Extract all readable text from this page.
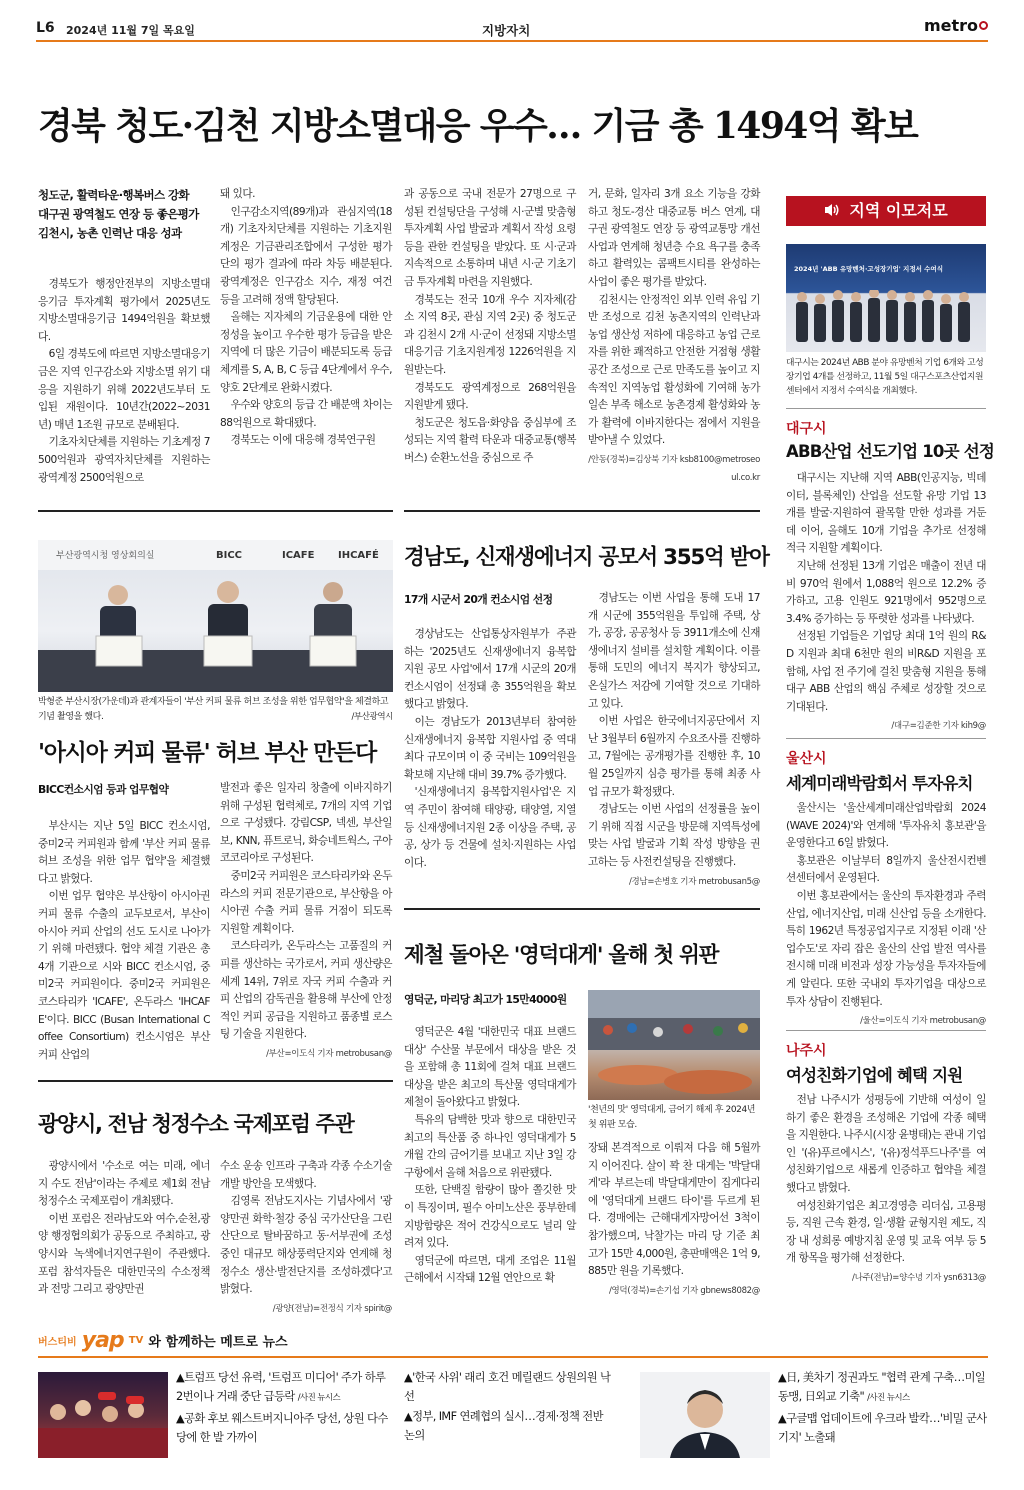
L6 2024년 11월 7일 목요일	지방자치	metro
경북 청도·김천 지방소멸대응 우수… 기금 총 1494억 확보
청도군, 활력타운·행복버스 강화
대구권 광역철도 연장 등 좋은평가
김천시, 농촌 인력난 대응 성과

경북도가 행정안전부의 지방소멸대응기금 투자계획 평가에서 2025년도 지방소멸대응기금 1494억원을 확보했다.

6일 경북도에 따르면 지방소멸대응기금은 지역 인구감소와 지방소멸 위기 대응을 지원하기 위해 2022년도부터 도입된 재원이다. 10년간(2022~2031년) 매년 1조원 규모로 분배된다.

기초자치단체를 지원하는 기초계정 7500억원과 광역자치단체를 지원하는 광역계정 2500억원으로

돼 있다.

인구감소지역(89개)과 관심지역(18개) 기초자치단체를 지원하는 기초지원 계정은 기금관리조합에서 구성한 평가단의 평가 결과에 따라 차등 배분된다. 광역계정은 인구감소 지수, 재정 여건 등을 고려해 정액 할당된다.

올해는 지자체의 기금운용에 대한 안정성을 높이고 우수한 평가 등급을 받은 지역에 더 많은 기금이 배분되도록 등급 체계를 S, A, B, C 등급 4단계에서 우수, 양호 2단계로 완화시켰다.

우수와 양호의 등급 간 배분액 차이는 88억원으로 확대됐다.

경북도는 이에 대응해 경북연구원

과 공동으로 국내 전문가 27명으로 구성된 컨설팅단을 구성해 시·군별 맞춤형 투자계획 사업 발굴과 계획서 작성 요령 등을 관한 컨설팅을 받았다. 또 시·군과 지속적으로 소통하며 내년 시·군 기초기금 투자계획 마련을 지원했다.

경북도는 전국 10개 우수 지자체(감소 지역 8곳, 관심 지역 2곳) 중 청도군과 김천시 2개 시·군이 선정돼 지방소멸대응기금 기초지원계정 1226억원을 지원받는다.

경북도도 광역계정으로 268억원을 지원받게 됐다.

청도군은 청도읍·화양읍 중심부에 조성되는 지역 활력 타운과 대중교통(행복 버스) 순환노선을 중심으로 주

거, 문화, 일자리 3개 요소 기능을 강화하고 청도-경산 대중교통 버스 연계, 대구권 광역철도 연장 등 광역교통망 개선 사업과 연계해 청년층 수요 욕구를 충족하고 활력있는 콤팩트시티를 완성하는 사업이 좋은 평가를 받았다.

김천시는 안정적인 외부 인력 유입 기반 조성으로 김천 농촌지역의 인력난과 농업 생산성 저하에 대응하고 농업 근로자를 위한 쾌적하고 안전한 거점형 생활공간 조성으로 근로 만족도를 높이고 지속적인 지역농업 활성화에 기여해 농가 일손 부족 해소로 농촌경제 활성화와 농가 활력에 이바지한다는 점에서 지원을 받아낼 수 있었다.

/안동(경북)=김상북 기자 ksb8100@metroseoul.co.kr
부산광역시청 영상회의실	BICC	ICAFE IHCAFÉ
박형준 부산시장(가운데)과 관계자들이 '부산 커피 물류 허브 조성을 위한 업무협약'을 체결하고 기념 촬영을 했다.	/부산광역시
'아시아 커피 물류' 허브 부산 만든다
BICC컨소시엄 등과 업무협약

부산시는 지난 5일 BICC 컨소시엄, 중미2국 커피원과 함께 '부산 커피 물류 허브 조성을 위한 업무 협약'을 체결했다고 밝혔다.

이번 업무 협약은 부산항이 아시아권 커피 물류 수출의 교두보로서, 부산이 아시아 커피 산업의 선도 도시로 나아가기 위해 마련됐다. 협약 체결 기관은 총 4개 기관으로 시와 BICC 컨소시엄, 중미2국 커피원이다. 중미2국 커피원은 코스타리카 'ICAFE', 온두라스 'IHCAFE'이다. BICC (Busan International Coffee Consortium) 컨소시엄은 부산 커피 산업의

발전과 좋은 일자리 창출에 이바지하기 위해 구성된 협력체로, 7개의 지역 기업으로 구성됐다. 강림CSP, 넥센, 부산일보, KNN, 퓨트로닉, 화승네트웍스, 구아코코리아로 구성된다.

중미2국 커피원은 코스타리카와 온두라스의 커피 전문기관으로, 부산항을 아시아권 수출 커피 물류 거점이 되도록 지원할 계획이다.

코스타리카, 온두라스는 고품질의 커피를 생산하는 국가로서, 커피 생산량은 세계 14위, 7위로 자국 커피 수출과 커피 산업의 감독권을 활용해 부산에 안정적인 커피 공급을 지원하고 품종별 로스팅 기술을 지원한다.

/부산=이도식 기자 metrobusan@
광양시, 전남 청정수소 국제포럼 주관

광양시에서 '수소로 여는 미래, 에너지 수도 전남'이라는 주제로 제1회 전남 청정수소 국제포럼이 개최됐다.

이번 포럼은 전라남도와 여수,순천,광양 행정협의회가 공동으로 주최하고, 광양시와 녹색에너지연구원이 주관했다. 포럼 참석자들은 대한민국의 수소정책과 전망 그리고 광양만권

수소 운송 인프라 구축과 각종 수소기술 개발 방안을 모색했다.

김영록 전남도지사는 기념사에서 '광양만권 화학·철강 중심 국가산단을 그린산단으로 탈바꿈하고 동·서부권에 조성 중인 대규모 해상풍력단지와 연계해 청정수소 생산·발전단지를 조성하겠다'고 밝혔다.

/광양(전남)=전정식 기자 spirit@
경남도, 신재생에너지 공모서 355억 받아
17개 시군서 20개 컨소시엄 선정

경상남도는 산업통상자원부가 주관하는 '2025년도 신재생에너지 융복합지원 공모 사업'에서 17개 시군의 20개 컨소시엄이 선정돼 총 355억원을 확보했다고 밝혔다.

이는 경남도가 2013년부터 참여한 신재생에너지 융복합 지원사업 중 역대 최다 규모이며 이 중 국비는 109억원을 확보해 지난해 대비 39.7% 증가했다.

'신재생에너지 융복합지원사업'은 지역 주민이 참여해 태양광, 태양열, 지열 등 신재생에너지원 2종 이상을 주택, 공공, 상가 등 건물에 설치·지원하는 사업이다.

경남도는 이번 사업을 통해 도내 17개 시군에 355억원을 투입해 주택, 상가, 공장, 공공청사 등 3911개소에 신재생에너지 설비를 설치할 계획이다. 이를 통해 도민의 에너지 복지가 향상되고, 온실가스 저감에 기여할 것으로 기대하고 있다.

이번 사업은 한국에너지공단에서 지난 3월부터 6월까지 수요조사를 진행하고, 7월에는 공개평가를 진행한 후, 10월 25일까지 심층 평가를 통해 최종 사업 규모가 확정됐다.

경남도는 이번 사업의 선정률을 높이기 위해 직접 시군을 방문해 지역특성에 맞는 사업 발굴과 기획 작성 방향을 권고하는 등 사전컨설팅을 진행했다.

/경남=손병호 기자 metrobusan5@
제철 돌아온 '영덕대게' 올해 첫 위판
영덕군, 마리당 최고가 15만4000원

영덕군은 4월 '대한민국 대표 브랜드 대상' 수산물 부문에서 대상을 받은 것을 포함해 총 11회에 걸쳐 대표 브랜드 대상을 받은 최고의 특산물 영덕대게가 제철이 돌아왔다고 밝혔다.

특유의 담백한 맛과 향으로 대한민국 최고의 특산품 중 하나인 영덕대게가 5개월 간의 금어기를 보내고 지난 3일 강구항에서 올해 처음으로 위판됐다.

또한, 단백질 함량이 많아 쫄깃한 맛이 특징이며, 필수 아미노산은 풍부한데 지방함량은 적어 건강식으로도 널리 알려져 있다.

영덕군에 따르면, 대게 조업은 11월 근해에서 시작돼 12월 연안으로 확

'천년의 맛' 영덕대게, 금어기 해제 후 2024년 첫 위판 모습.

장돼 본격적으로 이뤄져 다음 해 5월까지 이어진다. 살이 꽉 찬 대게는 '박달대게'라 부르는데 박달대게만이 집게다리에 '영덕대게 브랜드 타이'를 두르게 된다. 경매에는 근해대게자망어선 3척이 참가했으며, 낙찰가는 마리 당 기준 최고가 15만 4,000원, 총판매액은 1억 9,885만 원을 기록했다.

/영덕(경북)=손기섭 기자 gbnews8082@
지역 이모저모
2024년 'ABB 유망벤처·고성장기업' 지정서 수여식
대구시는 2024년 ABB 분야 유망벤처 기업 6개와 고성장기업 4개를 선정하고, 11월 5일 대구스포츠산업지원센터에서 지정서 수여식을 개최했다.
대구시
ABB산업 선도기업 10곳 선정

대구시는 지난해 지역 ABB(인공지능, 빅데이터, 블록체인) 산업을 선도할 유망 기업 13개를 발굴·지원하여 괄목할 만한 성과를 거둔 데 이어, 올해도 10개 기업을 추가로 선정해 적극 지원할 계획이다.

지난해 선정된 13개 기업은 매출이 전년 대비 970억 원에서 1,088억 원으로 12.2% 증가하고, 고용 인원도 921명에서 952명으로 3.4% 증가하는 등 뚜렷한 성과를 나타냈다.

선정된 기업들은 기업당 최대 1억 원의 R&D 지원과 최대 6천만 원의 비R&D 지원을 포함해, 사업 전 주기에 걸친 맞춤형 지원을 통해 대구 ABB 산업의 핵심 주체로 성장할 것으로 기대된다.

/대구=김준한 기자 kih9@
울산시
세계미래박람회서 투자유치

울산시는 '울산세계미래산업박람회 2024(WAVE 2024)'와 연계해 '투자유치 홍보관'을 운영한다고 6일 밝혔다.

홍보관은 이날부터 8일까지 울산전시컨벤션센터에서 운영된다.

이번 홍보관에서는 울산의 투자환경과 주력산업, 에너지산업, 미래 신산업 등을 소개한다. 특히 1962년 특정공업지구로 지정된 이래 '산업수도'로 자리 잡은 울산의 산업 발전 역사를 전시해 미래 비전과 성장 가능성을 투자자들에게 알린다. 또한 국내외 투자기업을 대상으로 투자 상담이 진행된다.

/울산=이도식 기자 metrobusan@
나주시
여성친화기업에 혜택 지원

전남 나주시가 성평등에 기반해 여성이 일하기 좋은 환경을 조성해온 기업에 각종 혜택을 지원한다. 나주시(시장 윤병태)는 관내 기업인 '(유)푸르에시스', '(유)정석푸드나주'를 여성친화기업으로 새롭게 인증하고 협약을 체결했다고 밝혔다.

여성친화기업은 최고경영층 리더십, 고용평등, 직원 근속 환경, 일·생활 균형지원 제도, 직장 내 성희롱 예방지침 운영 및 교육 여부 등 5개 항목을 평가해 선정한다.

/나주(전남)=양수녕 기자 ysn6313@
버스티비 yap TV 와 함께하는 메트로 뉴스
▲트럼프 당선 유력, '트럼프 미디어' 주가 하루 2번이나 거래 중단 급등락 /사진 뉴시스
▲공화 후보 웨스트버지니아주 당선, 상원 다수당에 한 발 가까이
▲'한국 사위' 래리 호건 메릴랜드 상원의원 낙선
▲정부, IMF 연례협의 실시…경제·정책 전반 논의
▲日, 美차기 정권과도 "협력 관계 구축…미일 동맹, 日외교 기축" /사진 뉴시스
▲구글맵 업데이트에 우크라 발칵…'비밀 군사 기지' 노출돼
